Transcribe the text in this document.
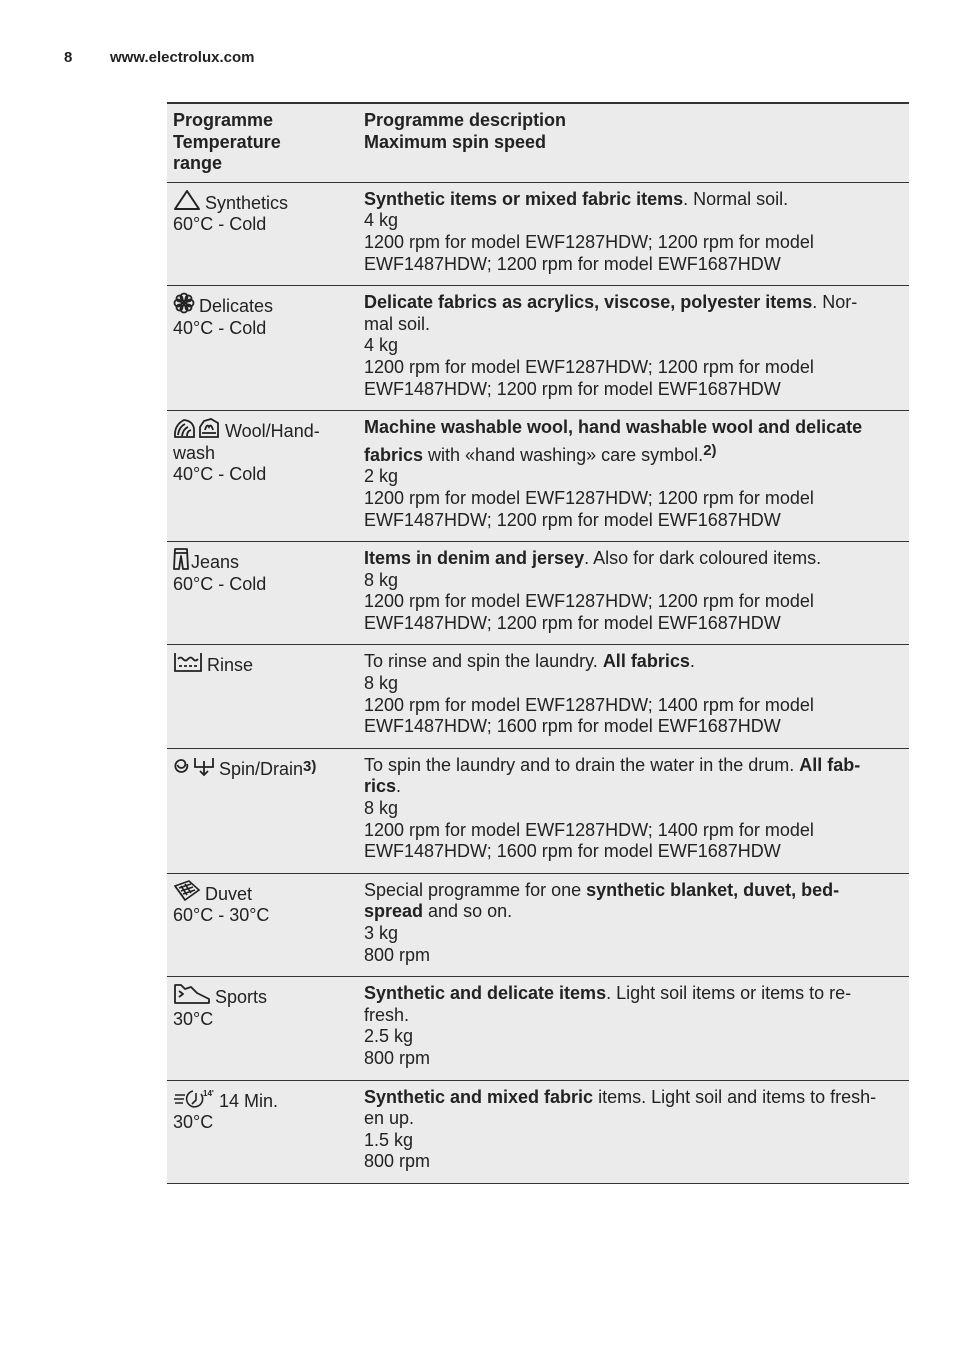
8	www.electrolux.com
Programme
Temperature
range	Programme description
Maximum spin speed

Synthetics
60°C - Cold	Synthetic items or mixed fabric items. Normal soil.
4 kg
1200 rpm for model EWF1287HDW; 1200 rpm for model
EWF1487HDW; 1200 rpm for model EWF1687HDW

Delicates
40°C - Cold	Delicate fabrics as acrylics, viscose, polyester items. Nor-
mal soil.
4 kg
1200 rpm for model EWF1287HDW; 1200 rpm for model
EWF1487HDW; 1200 rpm for model EWF1687HDW

Wool/Hand-
wash
40°C - Cold	Machine washable wool, hand washable wool and delicate
fabrics with «hand washing» care symbol.$^{2)}$
2 kg
1200 rpm for model EWF1287HDW; 1200 rpm for model
EWF1487HDW; 1200 rpm for model EWF1687HDW

Jeans
60°C - Cold	Items in denim and jersey. Also for dark coloured items.
8 kg
1200 rpm for model EWF1287HDW; 1200 rpm for model
EWF1487HDW; 1200 rpm for model EWF1687HDW

Rinse	To rinse and spin the laundry. All fabrics.
8 kg
1200 rpm for model EWF1287HDW; 1400 rpm for model
EWF1487HDW; 1600 rpm for model EWF1687HDW

Spin/Drain$^{3)}$	To spin the laundry and to drain the water in the drum. All fab-
rics.
8 kg
1200 rpm for model EWF1287HDW; 1400 rpm for model
EWF1487HDW; 1600 rpm for model EWF1687HDW

Duvet
60°C - 30°C	Special programme for one synthetic blanket, duvet, bed-
spread and so on.
3 kg
800 rpm

Sports
30°C	Synthetic and delicate items. Light soil items or items to re-
fresh.
2.5 kg
800 rpm

14' 14 Min.
30°C	Synthetic and mixed fabric items. Light soil and items to fresh-
en up.
1.5 kg
800 rpm
